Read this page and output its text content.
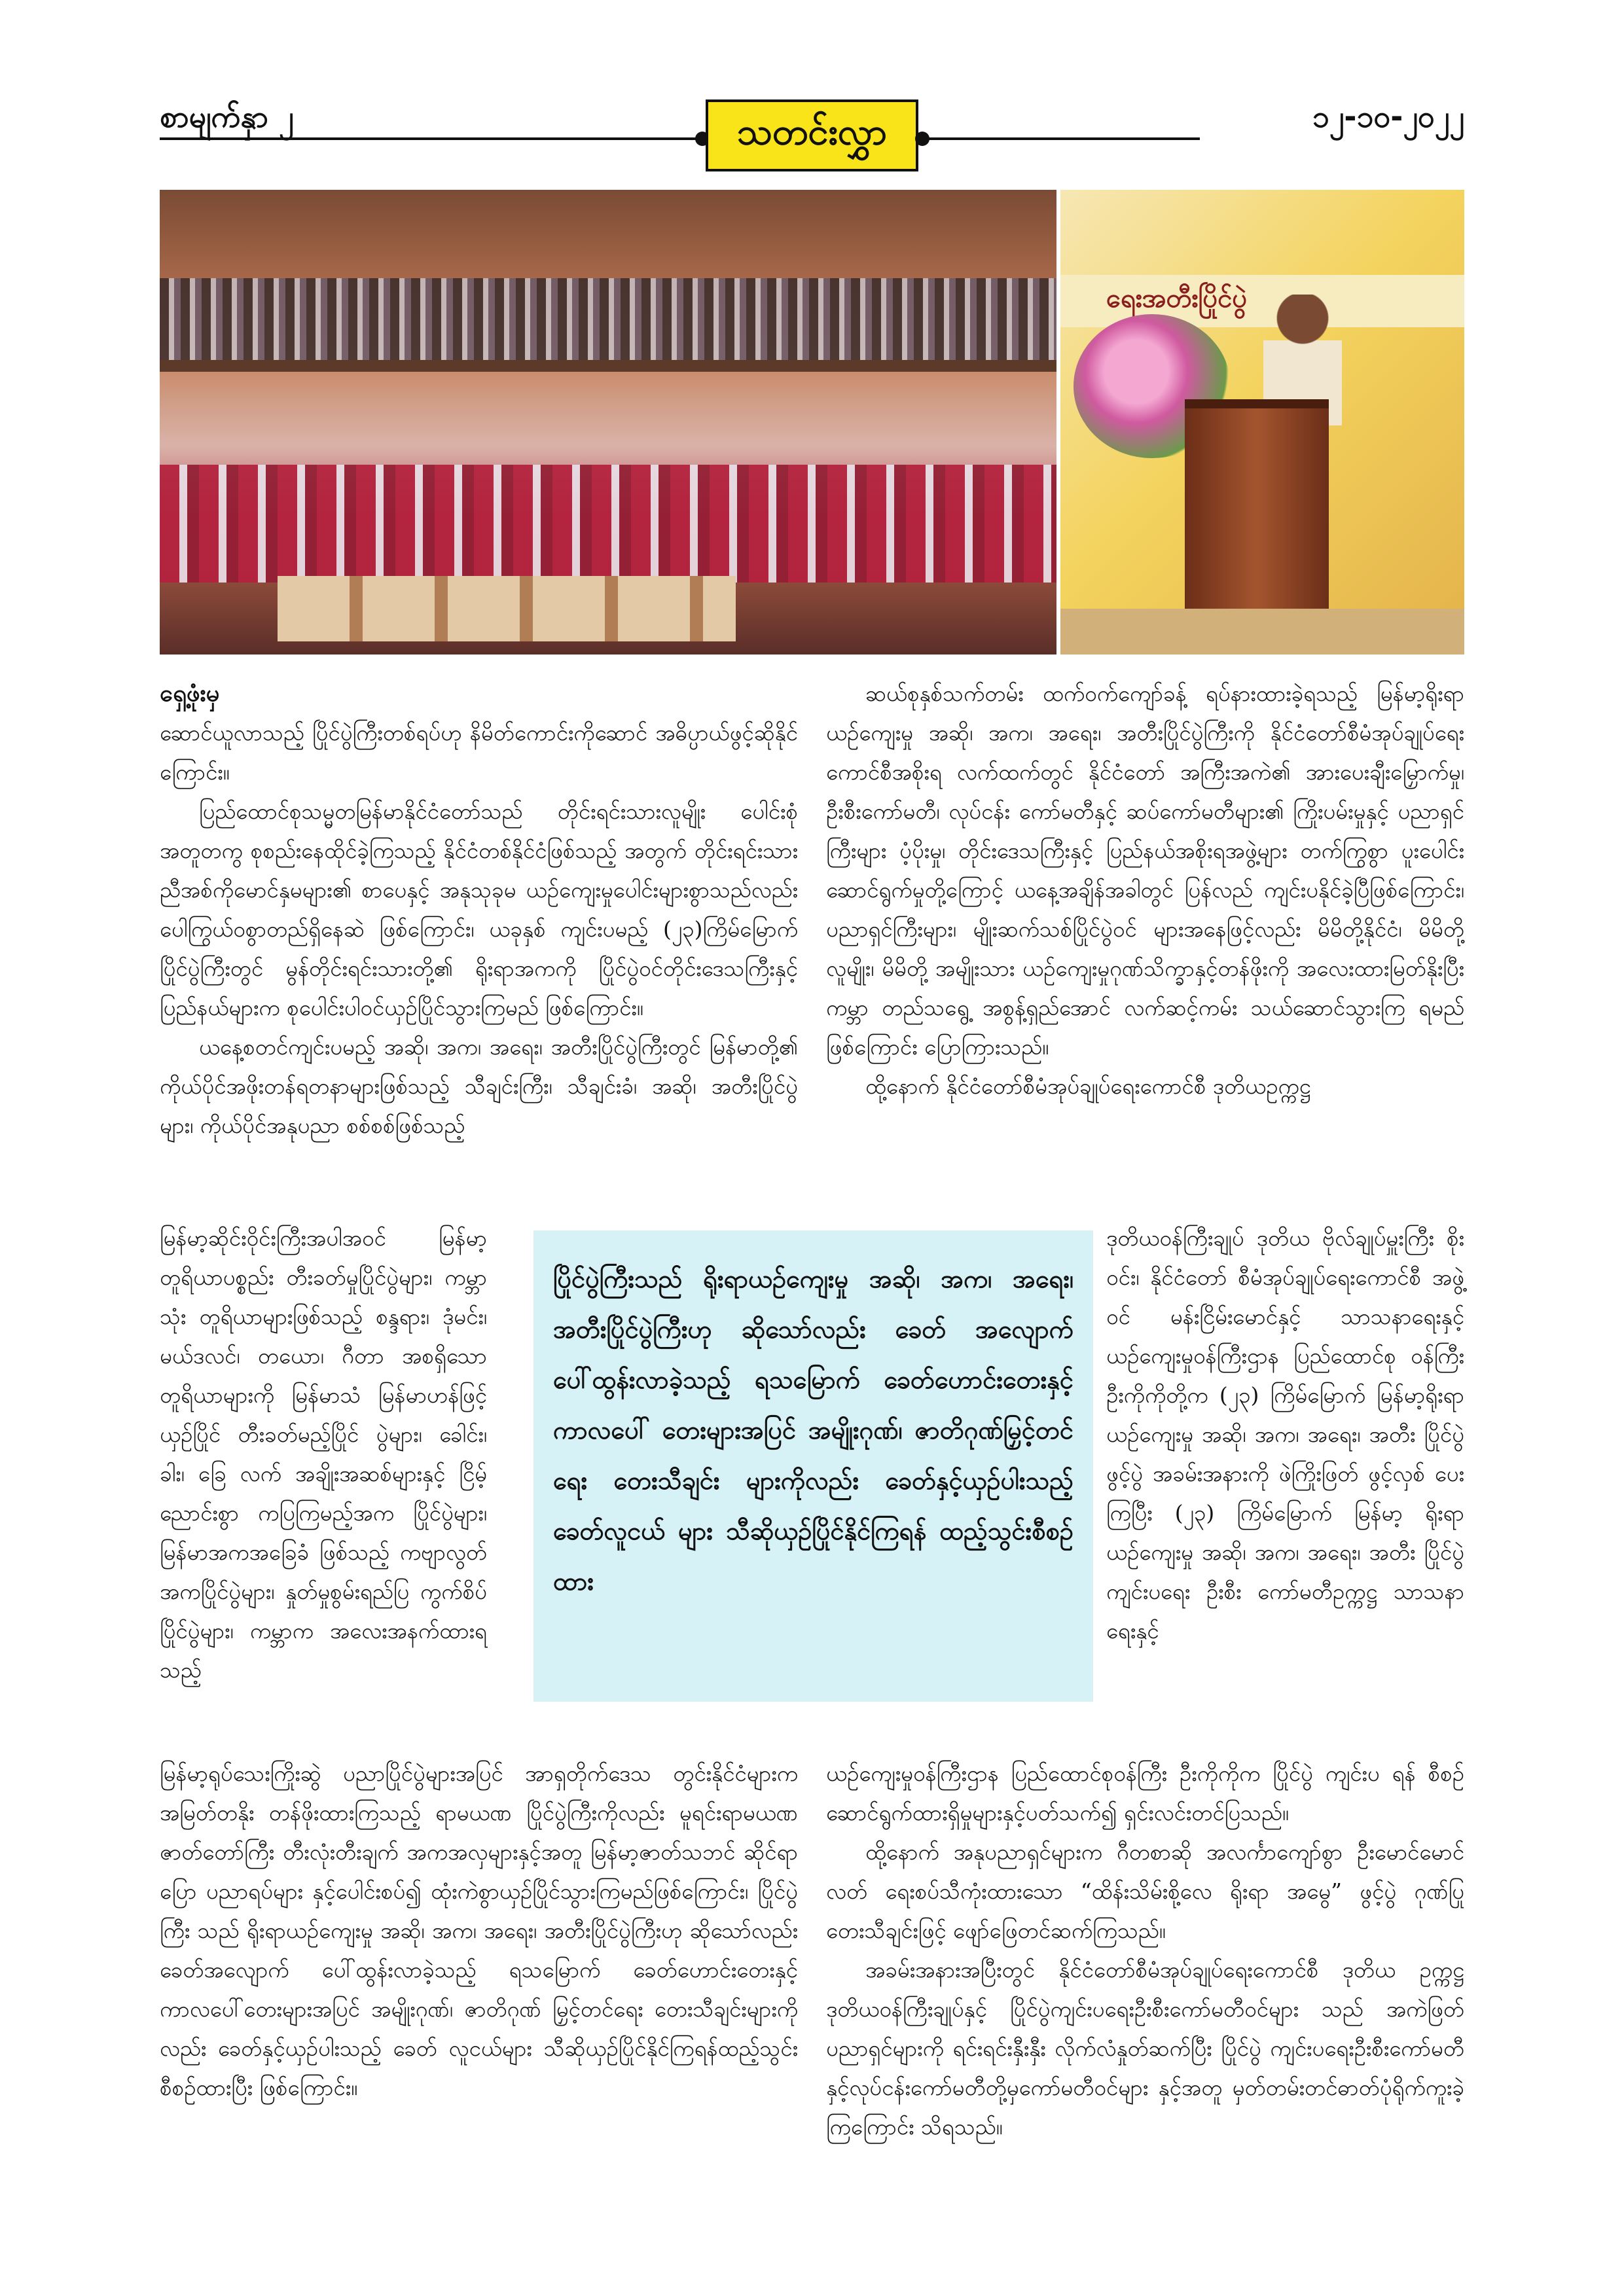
စာမျက်နှာ ၂	သတင်းလွှာ	၁၂-၁၀-၂၀၂၂
ရေးအတီးပြိုင်ပွဲ

ရှေ့ဖုံးမှ

ဆောင်ယူလာသည့် ပြိုင်ပွဲကြီးတစ်ရပ်ဟု နိမိတ်ကောင်းကိုဆောင် အဓိပ္ပာယ်ဖွင့်ဆိုနိုင်ကြောင်း။

ပြည်ထောင်စုသမ္မတမြန်မာနိုင်ငံတော်သည် တိုင်းရင်းသားလူမျိုး ပေါင်းစုံ အတူတကွ စုစည်းနေထိုင်ခဲ့ကြသည့် နိုင်ငံတစ်နိုင်ငံဖြစ်သည့် အတွက် တိုင်းရင်းသားညီအစ်ကိုမောင်နှမများ၏ စာပေနှင့် အနုသုခုမ ယဉ်ကျေးမှုပေါင်းများစွာသည်လည်း ပေါကြွယ်ဝစွာတည်ရှိနေဆဲ ဖြစ်ကြောင်း၊ ယခုနှစ် ကျင်းပမည့် (၂၃)ကြိမ်မြောက် ပြိုင်ပွဲကြီးတွင် မွန်တိုင်းရင်းသားတို့၏ ရိုးရာအကကို ပြိုင်ပွဲဝင်တိုင်းဒေသကြီးနှင့် ပြည်နယ်များက စုပေါင်းပါဝင်ယှဉ်ပြိုင်သွားကြမည် ဖြစ်ကြောင်း။

ယနေ့စတင်ကျင်းပမည့် အဆို၊ အက၊ အရေး၊ အတီးပြိုင်ပွဲကြီးတွင် မြန်မာတို့၏ ကိုယ်ပိုင်အဖိုးတန်ရတနာများဖြစ်သည့် သီချင်းကြီး၊ သီချင်းခံ၊ အဆို၊ အတီးပြိုင်ပွဲများ၊ ကိုယ်ပိုင်အနုပညာ စစ်စစ်ဖြစ်သည့်

မြန်မာ့ဆိုင်းဝိုင်းကြီးအပါအဝင် မြန်မာ့ တူရိယာပစ္စည်း တီးခတ်မှုပြိုင်ပွဲများ၊ ကမ္ဘာသုံး တူရိယာများဖြစ်သည့် စန္ဒရား၊ ဒုံမင်း၊ မယ်ဒလင်၊ တယော၊ ဂီတာ အစရှိသော တူရိယာများကို မြန်မာသံ မြန်မာဟန်ဖြင့် ယှဉ်ပြိုင် တီးခတ်မည့်ပြိုင် ပွဲများ၊ ခေါင်း၊ ခါး၊ ခြေ လက် အချိုးအဆစ်များနှင့် ငြိမ့်ညောင်းစွာ ကပြကြမည့်အက ပြိုင်ပွဲများ၊ မြန်မာအကအခြေခံ ဖြစ်သည့် ကဗျာလွတ်အကပြိုင်ပွဲများ၊ နှုတ်မှုစွမ်းရည်ပြ ကွက်စိပ် ပြိုင်ပွဲများ၊ ကမ္ဘာက အလေးအနက်ထားရသည့်

မြန်မာ့ရုပ်သေးကြိုးဆွဲ ပညာပြိုင်ပွဲများအပြင် အာရှတိုက်ဒေသ တွင်းနိုင်ငံများက အမြတ်တနိုး တန်ဖိုးထားကြသည့် ရာမယဏ ပြိုင်ပွဲကြီးကိုလည်း မူရင်းရာမယဏ ဇာတ်တော်ကြီး တီးလုံးတီးချက် အကအလှများနှင့်အတူ မြန်မာ့ဇာတ်သဘင် ဆိုင်ရာ ပြော ပညာရပ်များ နှင့်ပေါင်းစပ်၍ ထုံးကဲစွာယှဉ်ပြိုင်သွားကြမည်ဖြစ်ကြောင်း၊ ပြိုင်ပွဲကြီး သည် ရိုးရာယဉ်ကျေးမှု အဆို၊ အက၊ အရေး၊ အတီးပြိုင်ပွဲကြီးဟု ဆိုသော်လည်း ခေတ်အလျောက် ပေါ်ထွန်းလာခဲ့သည့် ရသမြောက် ခေတ်ဟောင်းတေးနှင့် ကာလပေါ်တေးများအပြင် အမျိုးဂုဏ်၊ ဇာတိဂုဏ် မြှင့်တင်ရေး တေးသီချင်းများကိုလည်း ခေတ်နှင့်ယှဉ်ပါးသည့် ခေတ် လူငယ်များ သီဆိုယှဉ်ပြိုင်နိုင်ကြရန်ထည့်သွင်းစီစဉ်ထားပြီး ဖြစ်ကြောင်း။

ဆယ်စုနှစ်သက်တမ်း ထက်ဝက်ကျော်ခန့် ရပ်နားထားခဲ့ရသည့် မြန်မာ့ရိုးရာယဉ်ကျေးမှု အဆို၊ အက၊ အရေး၊ အတီးပြိုင်ပွဲကြီးကို နိုင်ငံတော်စီမံအုပ်ချုပ်ရေးကောင်စီအစိုးရ လက်ထက်တွင် နိုင်ငံတော် အကြီးအကဲ၏ အားပေးချီးမြှောက်မှု၊ ဦးစီးကော်မတီ၊ လုပ်ငန်း ကော်မတီနှင့် ဆပ်ကော်မတီများ၏ ကြိုးပမ်းမှုနှင့် ပညာရှင်ကြီးများ ပံ့ပိုးမှု၊ တိုင်းဒေသကြီးနှင့် ပြည်နယ်အစိုးရအဖွဲ့များ တက်ကြွစွာ ပူးပေါင်းဆောင်ရွက်မှုတို့ကြောင့် ယနေ့အချိန်အခါတွင် ပြန်လည် ကျင်းပနိုင်ခဲ့ပြီဖြစ်ကြောင်း၊ ပညာရှင်ကြီးများ၊ မျိုးဆက်သစ်ပြိုင်ပွဲဝင် များအနေဖြင့်လည်း မိမိတို့နိုင်ငံ၊ မိမိတို့လူမျိုး၊ မိမိတို့ အမျိုးသား ယဉ်ကျေးမှုဂုဏ်သိက္ခာနှင့်တန်ဖိုးကို အလေးထားမြတ်နိုးပြီး ကမ္ဘာ တည်သရွေ့ အစွန့်ရှည်အောင် လက်ဆင့်ကမ်း သယ်ဆောင်သွားကြ ရမည်ဖြစ်ကြောင်း ပြောကြားသည်။

ထို့နောက် နိုင်ငံတော်စီမံအုပ်ချုပ်ရေးကောင်စီ ဒုတိယဥက္ကဋ္ဌ

ဒုတိယဝန်ကြီးချုပ် ဒုတိယ ဗိုလ်ချုပ်မှူးကြီး စိုးဝင်း၊ နိုင်ငံတော် စီမံအုပ်ချုပ်ရေးကောင်စီ အဖွဲ့ဝင် မန်းငြိမ်းမောင်နှင့် သာသနာရေးနှင့် ယဉ်ကျေးမှုဝန်ကြီးဌာန ပြည်ထောင်စု ဝန်ကြီး ဦးကိုကိုတို့က (၂၃) ကြိမ်မြောက် မြန်မာ့ရိုးရာ ယဉ်ကျေးမှု အဆို၊ အက၊ အရေး၊ အတီး ပြိုင်ပွဲဖွင့်ပွဲ အခမ်းအနားကို ဖဲကြိုးဖြတ် ဖွင့်လှစ် ပေးကြပြီး (၂၃) ကြိမ်မြောက် မြန်မာ့ ရိုးရာယဉ်ကျေးမှု အဆို၊ အက၊ အရေး၊ အတီး ပြိုင်ပွဲကျင်းပရေး ဦးစီး ကော်မတီဥက္ကဋ္ဌ သာသနာရေးနှင့်

ယဉ်ကျေးမှုဝန်ကြီးဌာန ပြည်ထောင်စုဝန်ကြီး ဦးကိုကိုက ပြိုင်ပွဲ ကျင်းပ ရန် စီစဉ်ဆောင်ရွက်ထားရှိမှုများနှင့်ပတ်သက်၍ ရှင်းလင်းတင်ပြသည်။

ထို့နောက် အနုပညာရှင်များက ဂီတစာဆို အလင်္ကာကျော်စွာ ဦးမောင်မောင်လတ် ရေးစပ်သီကုံးထားသော “ထိန်းသိမ်းစို့လေ ရိုးရာ အမွေ” ဖွင့်ပွဲ ဂုဏ်ပြုတေးသီချင်းဖြင့် ဖျော်ဖြေတင်ဆက်ကြသည်။

အခမ်းအနားအပြီးတွင် နိုင်ငံတော်စီမံအုပ်ချုပ်ရေးကောင်စီ ဒုတိယ ဥက္ကဋ္ဌ ဒုတိယဝန်ကြီးချုပ်နှင့် ပြိုင်ပွဲကျင်းပရေးဦးစီးကော်မတီဝင်များ သည် အကဲဖြတ်ပညာရှင်များကို ရင်းရင်းနှီးနှီး လိုက်လံနှုတ်ဆက်ပြီး ပြိုင်ပွဲ ကျင်းပရေးဦးစီးကော်မတီနှင့်လုပ်ငန်းကော်မတီတို့မှကော်မတီဝင်များ နှင့်အတူ မှတ်တမ်းတင်ဓာတ်ပုံရိုက်ကူးခဲ့ကြကြောင်း သိရသည်။

ပြိုင်ပွဲကြီးသည် ရိုးရာယဉ်ကျေးမှု အဆို၊ အက၊ အရေး၊ အတီးပြိုင်ပွဲကြီးဟု ဆိုသော်လည်း ခေတ် အလျောက် ပေါ်ထွန်းလာခဲ့သည့် ရသမြောက် ခေတ်ဟောင်းတေးနှင့် ကာလပေါ် တေးများအပြင် အမျိုးဂုဏ်၊ ဇာတိဂုဏ်မြှင့်တင်ရေး တေးသီချင်း များကိုလည်း ခေတ်နှင့်ယှဉ်ပါးသည့် ခေတ်လူငယ် များ သီဆိုယှဉ်ပြိုင်နိုင်ကြရန် ထည့်သွင်းစီစဉ်ထား
